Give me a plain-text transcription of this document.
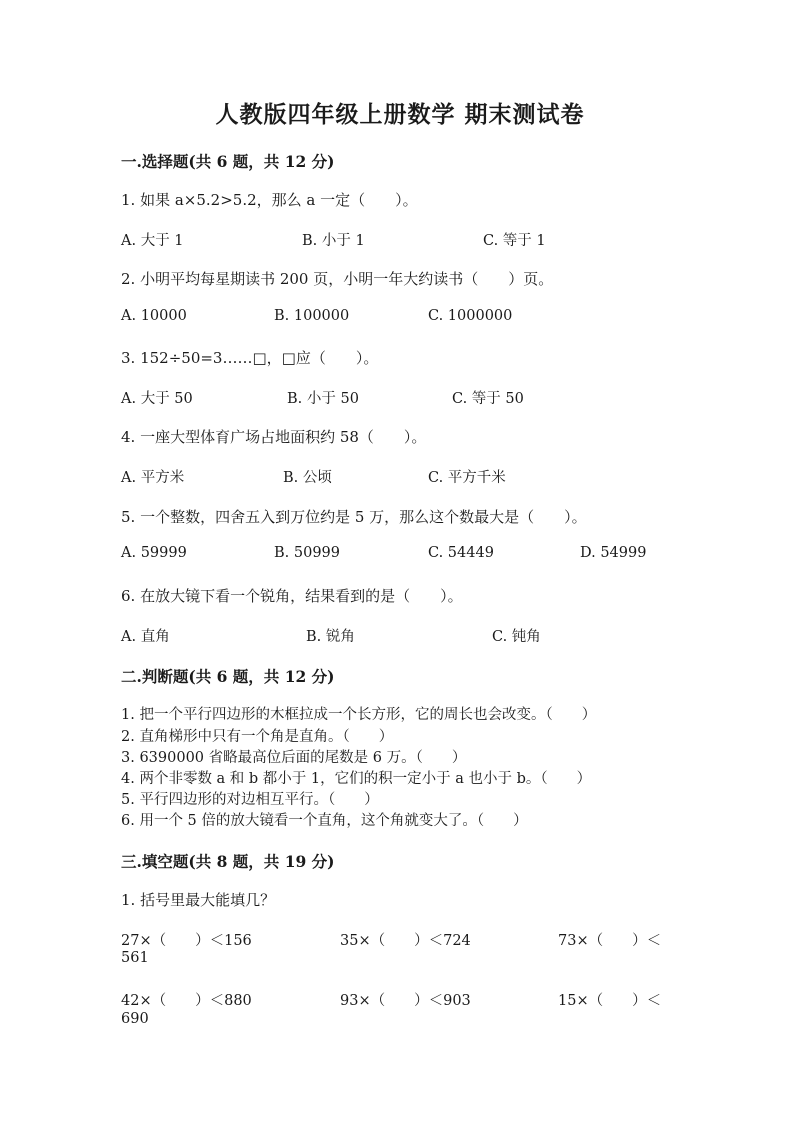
人教版四年级上册数学 期末测试卷
一.选择题(共 6 题，共 12 分)
1. 如果 a×5.2>5.2，那么 a 一定（　　）。
A. 大于 1	B. 小于 1	C. 等于 1
2. 小明平均每星期读书 200 页，小明一年大约读书（　　）页。
A. 10000	B. 100000	C. 1000000
3. 152÷50=3……□，□应（　　）。
A. 大于 50	B. 小于 50	C. 等于 50
4. 一座大型体育广场占地面积约 58（　　）。
A. 平方米	B. 公顷	C. 平方千米
5. 一个整数，四舍五入到万位约是 5 万，那么这个数最大是（　　）。
A. 59999	B. 50999	C. 54449	D. 54999
6. 在放大镜下看一个锐角，结果看到的是（　　）。
A. 直角	B. 锐角	C. 钝角
二.判断题(共 6 题，共 12 分)
1. 把一个平行四边形的木框拉成一个长方形，它的周长也会改变。（　　）
2. 直角梯形中只有一个角是直角。（　　）
3. 6390000 省略最高位后面的尾数是 6 万。（　　）
4. 两个非零数 a 和 b 都小于 1，它们的积一定小于 a 也小于 b。（　　）
5. 平行四边形的对边相互平行。（　　）
6. 用一个 5 倍的放大镜看一个直角，这个角就变大了。（　　）
三.填空题(共 8 题，共 19 分)
1. 括号里最大能填几？
27×（　　）＜156	35×（　　）＜724	73×（　　）＜
561
42×（　　）＜880	93×（　　）＜903	15×（　　）＜
690
